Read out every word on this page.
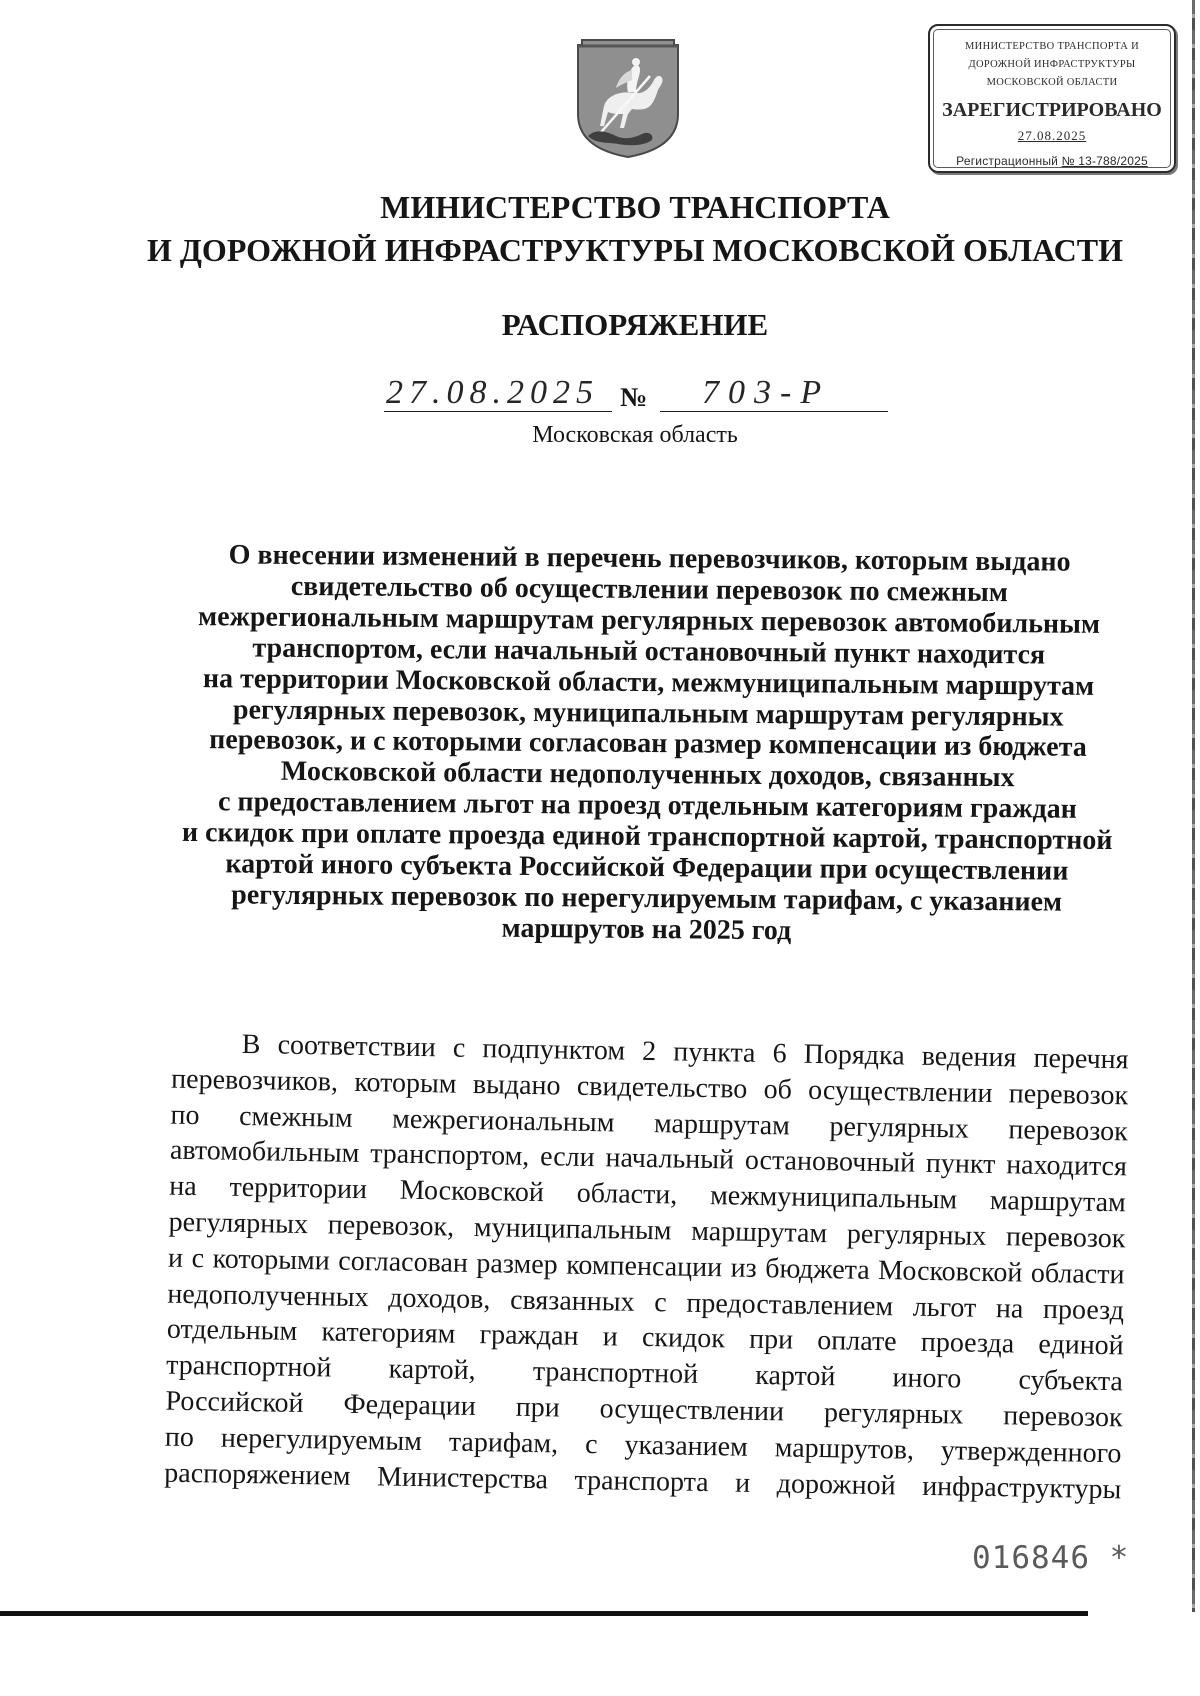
МИНИСТЕРСТВО ТРАНСПОРТА И
ДОРОЖНОЙ ИНФРАСТРУКТУРЫ
МОСКОВСКОЙ ОБЛАСТИ
ЗАРЕГИСТРИРОВАНО
27.08.2025
Регистрационный № 13-788/2025
МИНИСТЕРСТВО ТРАНСПОРТА
И ДОРОЖНОЙ ИНФРАСТРУКТУРЫ МОСКОВСКОЙ ОБЛАСТИ
РАСПОРЯЖЕНИЕ
27.08.2025 № 703-Р
Московская область
О внесении изменений в перечень перевозчиков, которым выдано
свидетельство об осуществлении перевозок по смежным
межрегиональным маршрутам регулярных перевозок автомобильным
транспортом, если начальный остановочный пункт находится
на территории Московской области, межмуниципальным маршрутам
регулярных перевозок, муниципальным маршрутам регулярных
перевозок, и с которыми согласован размер компенсации из бюджета
Московской области недополученных доходов, связанных
с предоставлением льгот на проезд отдельным категориям граждан
и скидок при оплате проезда единой транспортной картой, транспортной
картой иного субъекта Российской Федерации при осуществлении
регулярных перевозок по нерегулируемым тарифам, с указанием
маршрутов на 2025 год
В соответствии с подпунктом 2 пункта 6 Порядка ведения перечня
перевозчиков, которым выдано свидетельство об осуществлении перевозок
по смежным межрегиональным маршрутам регулярных перевозок
автомобильным транспортом, если начальный остановочный пункт находится
на территории Московской области, межмуниципальным маршрутам
регулярных перевозок, муниципальным маршрутам регулярных перевозок
и с которыми согласован размер компенсации из бюджета Московской области
недополученных доходов, связанных с предоставлением льгот на проезд
отдельным категориям граждан и скидок при оплате проезда единой
транспортной картой, транспортной картой иного субъекта
Российской Федерации при осуществлении регулярных перевозок
по нерегулируемым тарифам, с указанием маршрутов, утвержденного
распоряжением Министерства транспорта и дорожной инфраструктуры
016846 *
